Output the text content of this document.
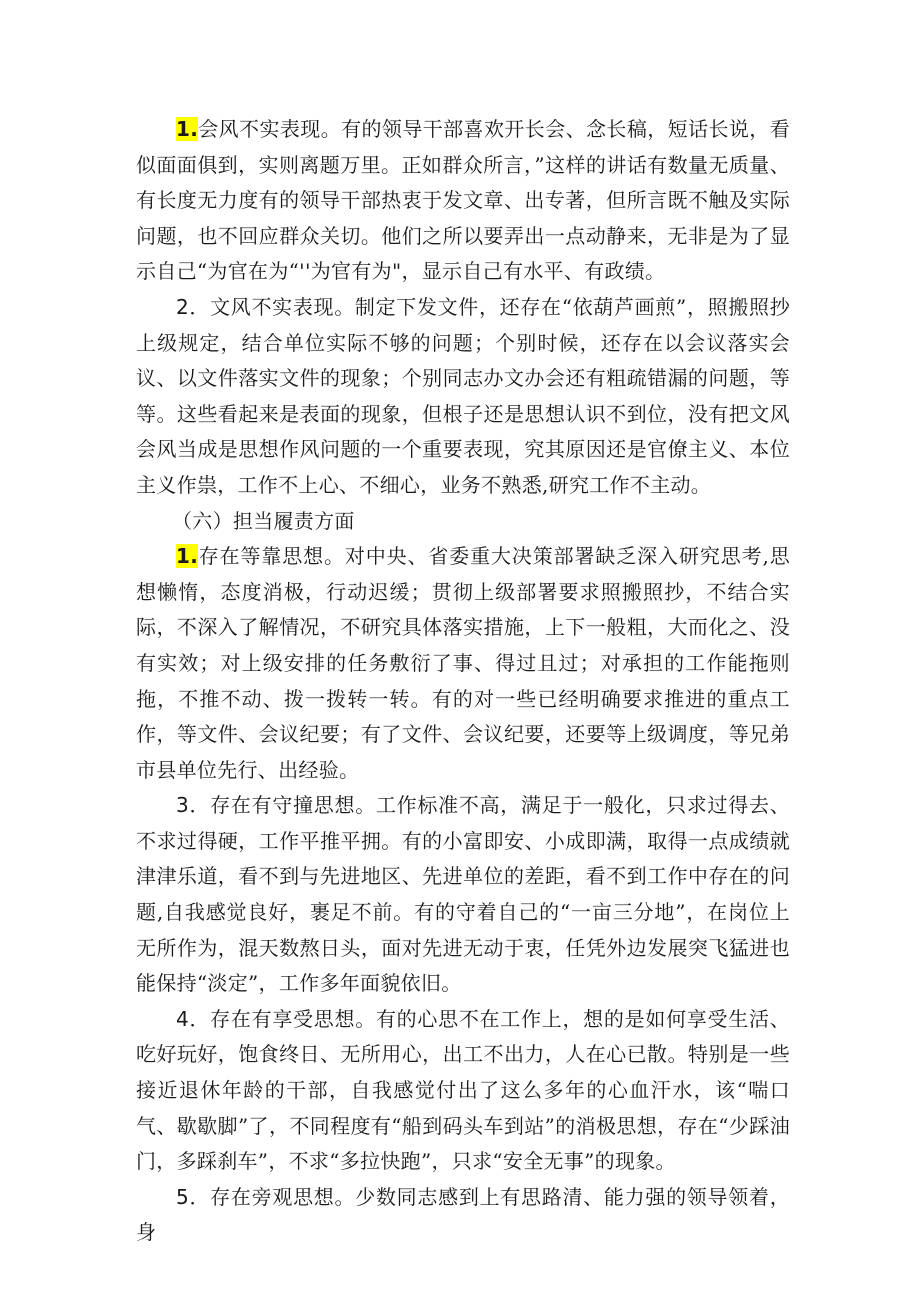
1.会风不实表现。有的领导干部喜欢开长会、念长稿，短话长说，看似面面俱到，实则离题万里。正如群众所言，”这样的讲话有数量无质量、有长度无力度有的领导干部热衷于发文章、出专著，但所言既不触及实际问题，也不回应群众关切。他们之所以要弄出一点动静来，无非是为了显示自己“为官在为“''为官有为"，显示自己有水平、有政绩。

2．文风不实表现。制定下发文件，还存在“依葫芦画煎”，照搬照抄上级规定，结合单位实际不够的问题；个别时候，还存在以会议落实会议、以文件落实文件的现象；个别同志办文办会还有粗疏错漏的问题，等等。这些看起来是表面的现象，但根子还是思想认识不到位，没有把文风会风当成是思想作风问题的一个重要表现，究其原因还是官僚主义、本位主义作祟，工作不上心、不细心，业务不熟悉,研究工作不主动。

（六）担当履责方面

1.存在等靠思想。对中央、省委重大决策部署缺乏深入研究思考,思想懒惰，态度消极，行动迟缓；贯彻上级部署要求照搬照抄，不结合实际，不深入了解情况，不研究具体落实措施，上下一般粗，大而化之、没有实效；对上级安排的任务敷衍了事、得过且过；对承担的工作能拖则拖，不推不动、拨一拨转一转。有的对一些已经明确要求推进的重点工作，等文件、会议纪要；有了文件、会议纪要，还要等上级调度，等兄弟市县单位先行、出经验。

3．存在有守撞思想。工作标准不高，满足于一般化，只求过得去、不求过得硬，工作平推平拥。有的小富即安、小成即满，取得一点成绩就津津乐道，看不到与先进地区、先进单位的差距，看不到工作中存在的问题,自我感觉良好，裹足不前。有的守着自己的“一亩三分地”，在岗位上无所作为，混天数熬日头，面对先进无动于衷，任凭外边发展突飞猛进也能保持“淡定”，工作多年面貌依旧。

4．存在有享受思想。有的心思不在工作上，想的是如何享受生活、吃好玩好，饱食终日、无所用心，出工不出力，人在心已散。特别是一些接近退休年龄的干部，自我感觉付出了这么多年的心血汗水，该“喘口气、歇歇脚”了，不同程度有“船到码头车到站”的消极思想，存在“少踩油门，多踩刹车”，不求“多拉快跑”，只求“安全无事”的现象。

5．存在旁观思想。少数同志感到上有思路清、能力强的领导领着，身
